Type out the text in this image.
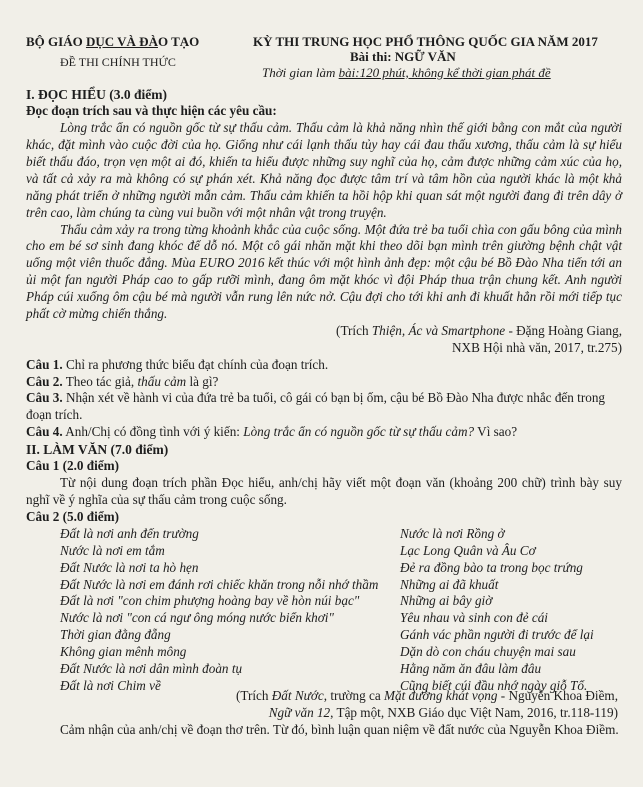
BỘ GIÁO DỤC VÀ ĐÀO TẠO
ĐỀ THI CHÍNH THỨC
KỲ THI TRUNG HỌC PHỔ THÔNG QUỐC GIA NĂM 2017
Bài thi: NGỮ VĂN
Thời gian làm bài:120 phút, không kể thời gian phát đề

I. ĐỌC HIỂU (3.0 điểm)

Đọc đoạn trích sau và thực hiện các yêu cầu:

Lòng trắc ẩn có nguồn gốc từ sự thấu cảm. Thấu cảm là khả năng nhìn thế giới bằng con mắt của người khác, đặt mình vào cuộc đời của họ. Giống như cái lạnh thấu tủy hay cái đau thấu xương, thấu cảm là sự hiểu biết thấu đáo, trọn vẹn một ai đó, khiến ta hiểu được những suy nghĩ của họ, cảm được những cảm xúc của họ, và tất cả xảy ra mà không có sự phán xét. Khả năng đọc được tâm trí và tâm hồn của người khác là một khả năng phát triển ở những người mẫn cảm. Thấu cảm khiến ta hồi hộp khi quan sát một người đang đi trên dây ở trên cao, làm chúng ta cùng vui buồn với một nhân vật trong truyện.

Thấu cảm xảy ra trong từng khoảnh khắc của cuộc sống. Một đứa trẻ ba tuổi chìa con gấu bông của mình cho em bé sơ sinh đang khóc để dỗ nó. Một cô gái nhăn mặt khi theo dõi bạn mình trên giường bệnh chật vật uống một viên thuốc đắng. Mùa EURO 2016 kết thúc với một hình ảnh đẹp: một cậu bé Bồ Đào Nha tiến tới an ủi một fan người Pháp cao to gấp rưỡi mình, đang ôm mặt khóc vì đội Pháp thua trận chung kết. Anh người Pháp cúi xuống ôm cậu bé mà người vẫn rung lên nức nở. Cậu đợi cho tới khi anh đi khuất hẳn rồi mới tiếp tục phất cờ mừng chiến thắng.

(Trích Thiện, Ác và Smartphone - Đặng Hoàng Giang,

NXB Hội nhà văn, 2017, tr.275)

Câu 1. Chỉ ra phương thức biểu đạt chính của đoạn trích.

Câu 2. Theo tác giả, thấu cảm là gì?

Câu 3. Nhận xét về hành vi của đứa trẻ ba tuổi, cô gái có bạn bị ốm, cậu bé Bồ Đào Nha được nhắc đến trong đoạn trích.

Câu 4. Anh/Chị có đồng tình với ý kiến: Lòng trắc ẩn có nguồn gốc từ sự thấu cảm? Vì sao?

II. LÀM VĂN (7.0 điểm)

Câu 1 (2.0 điểm)

Từ nội dung đoạn trích phần Đọc hiểu, anh/chị hãy viết một đoạn văn (khoảng 200 chữ) trình bày suy nghĩ về ý nghĩa của sự thấu cảm trong cuộc sống.

Câu 2 (5.0 điểm)

Đất là nơi anh đến trường
Nước là nơi em tắm
Đất Nước là nơi ta hò hẹn
Đất Nước là nơi em đánh rơi chiếc khăn trong nỗi nhớ thầm
Đất là nơi "con chim phượng hoàng bay về hòn núi bạc"
Nước là nơi "con cá ngư ông móng nước biển khơi"
Thời gian đằng đẵng
Không gian mênh mông
Đất Nước là nơi dân mình đoàn tụ
Đất là nơi Chim về
Nước là nơi Rồng ở
Lạc Long Quân và Âu Cơ
Đẻ ra đồng bào ta trong bọc trứng
Những ai đã khuất
Những ai bây giờ
Yêu nhau và sinh con đẻ cái
Gánh vác phần người đi trước để lại
Dặn dò con cháu chuyện mai sau
Hằng năm ăn đâu làm đâu
Cũng biết cúi đầu nhớ ngày giỗ Tổ.

(Trích Đất Nước, trường ca Mặt đường khát vọng - Nguyễn Khoa Điềm,

Ngữ văn 12, Tập một, NXB Giáo dục Việt Nam, 2016, tr.118-119)

Cảm nhận của anh/chị về đoạn thơ trên. Từ đó, bình luận quan niệm về đất nước của Nguyễn Khoa Điềm.
